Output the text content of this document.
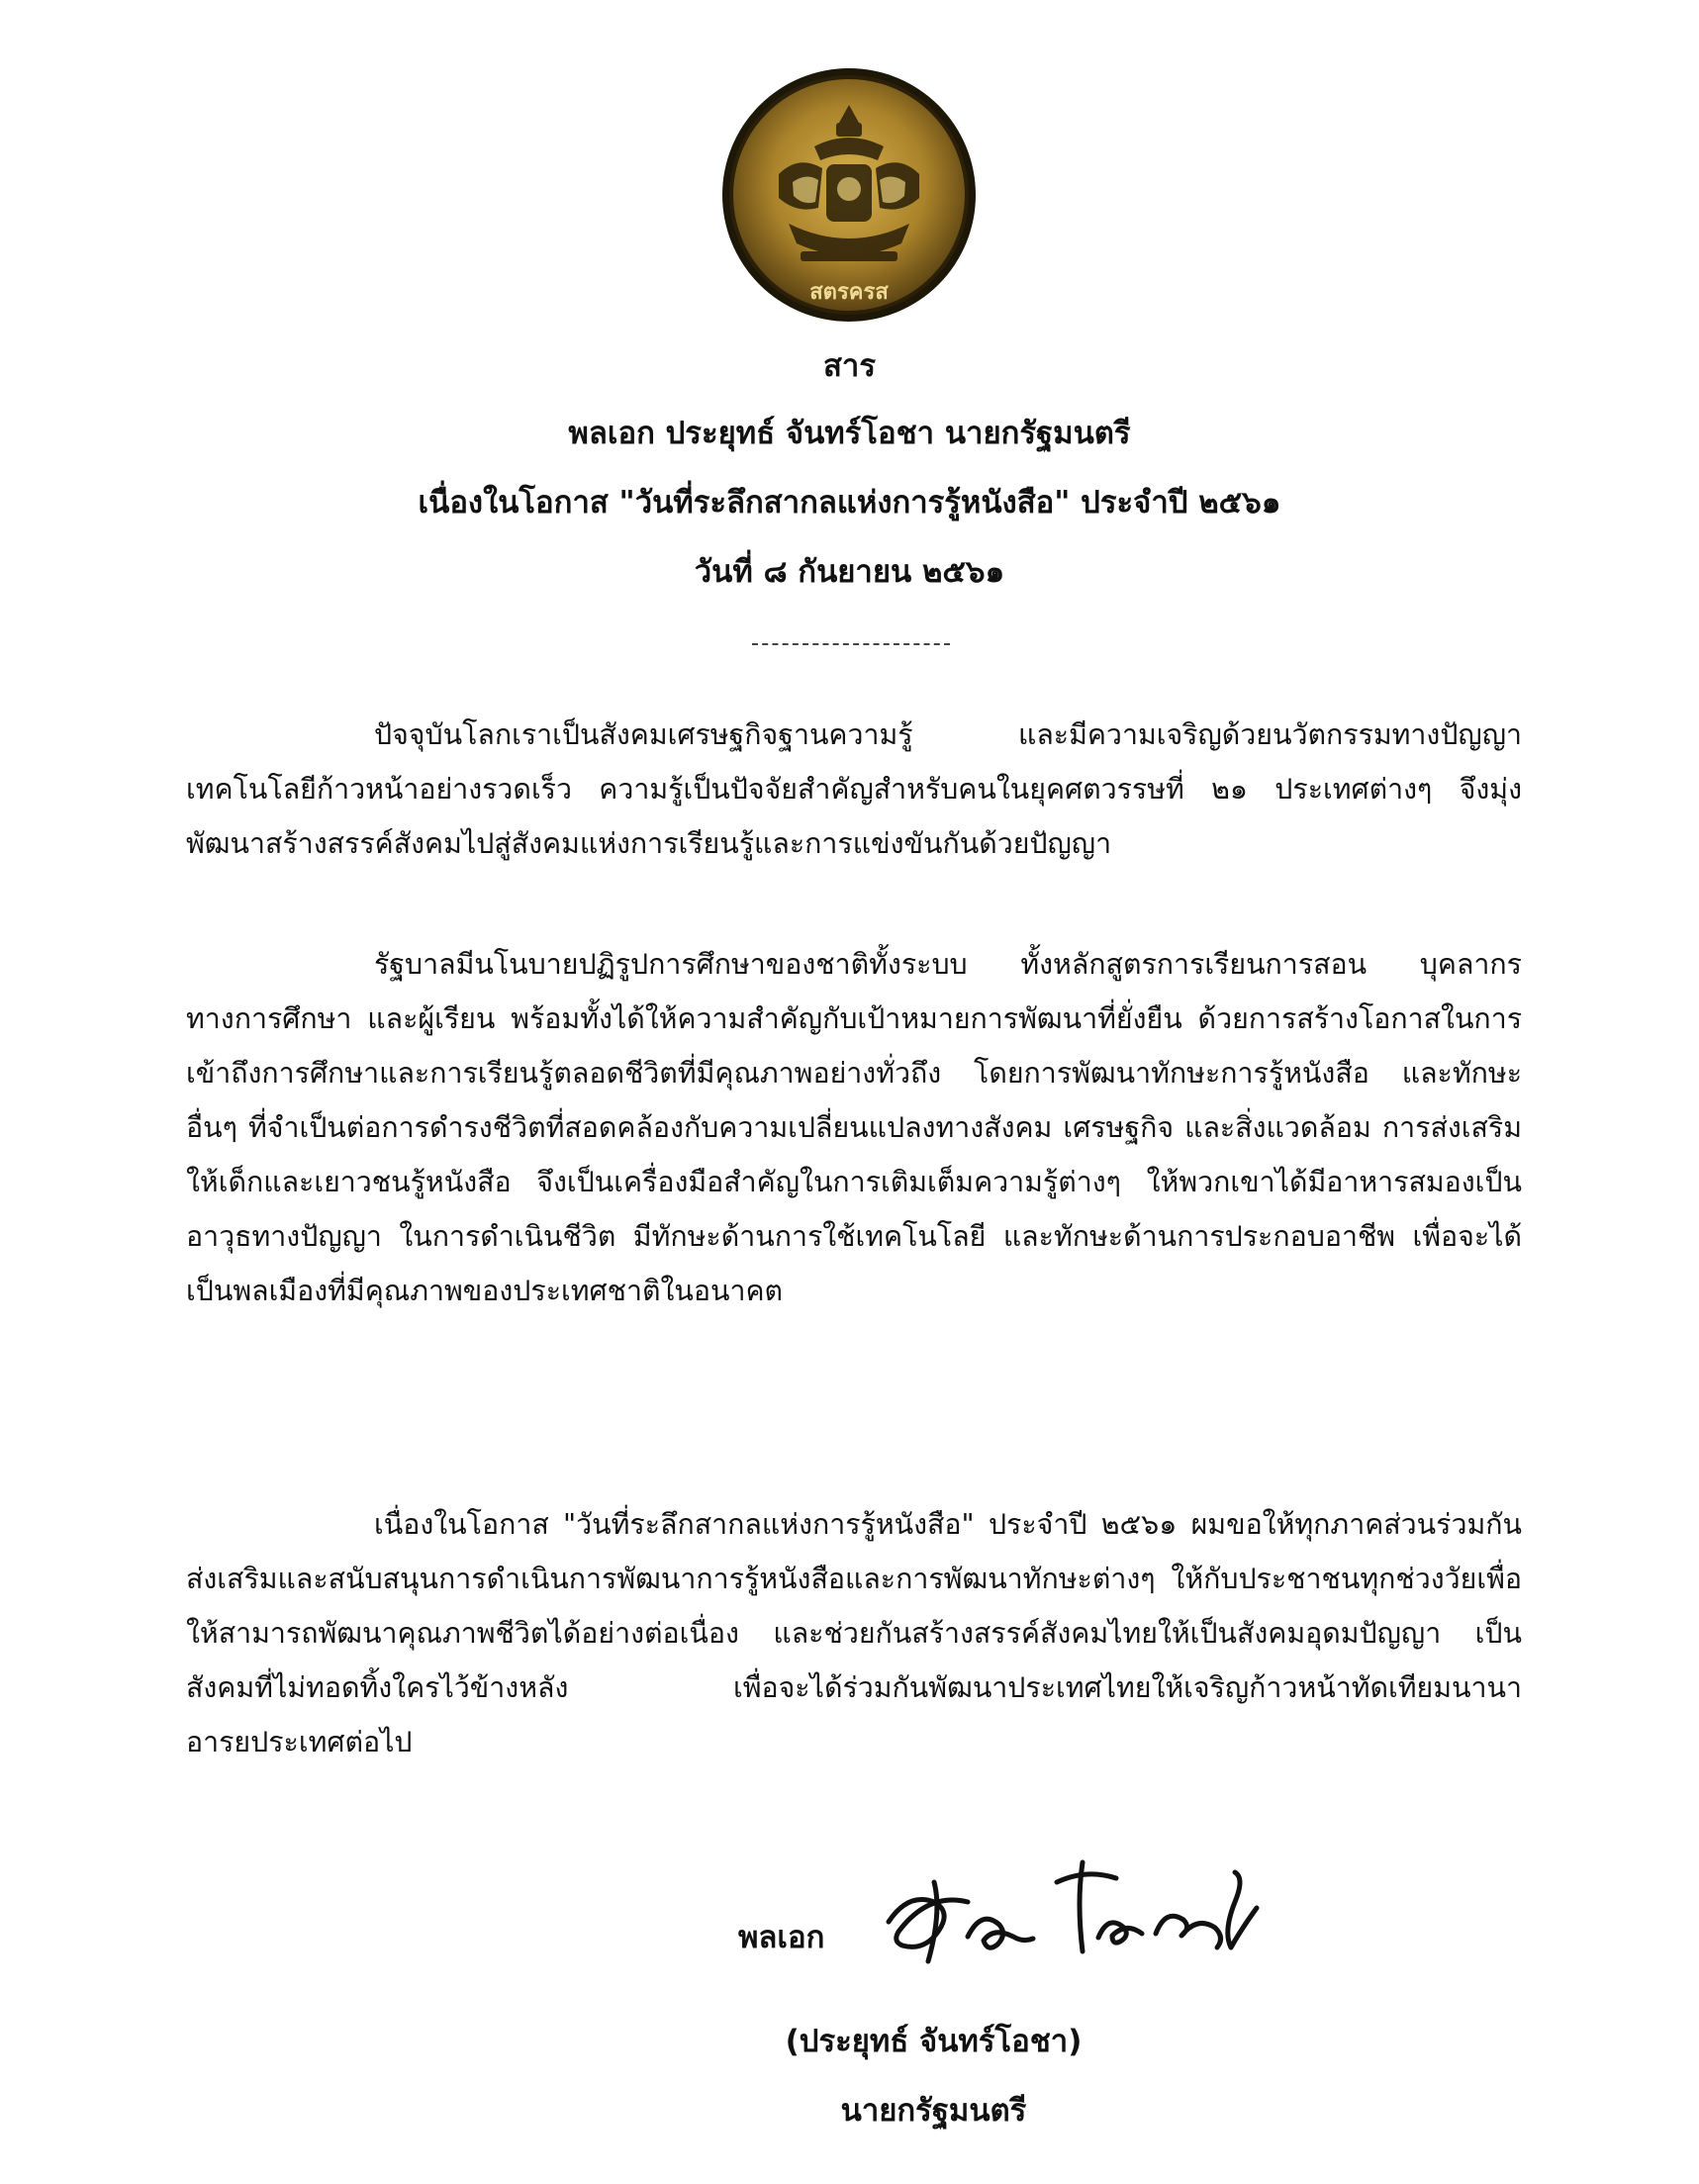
สตรครส
สาร
พลเอก ประยุทธ์ จันทร์โอชา นายกรัฐมนตรี
เนื่องในโอกาส "วันที่ระลึกสากลแห่งการรู้หนังสือ" ประจำปี ๒๕๖๑
วันที่ ๘ กันยายน ๒๕๖๑

ปัจจุบันโลกเราเป็นสังคมเศรษฐกิจฐานความรู้ และมีความเจริญด้วยนวัตกรรมทางปัญญา เทคโนโลยีก้าวหน้าอย่างรวดเร็ว ความรู้เป็นปัจจัยสำคัญสำหรับคนในยุคศตวรรษที่ ๒๑ ประเทศต่างๆ จึงมุ่งพัฒนาสร้างสรรค์สังคมไปสู่สังคมแห่งการเรียนรู้และการแข่งขันกันด้วยปัญญา

รัฐบาลมีนโนบายปฏิรูปการศึกษาของชาติทั้งระบบ ทั้งหลักสูตรการเรียนการสอน บุคลากรทางการศึกษา และผู้เรียน พร้อมทั้งได้ให้ความสำคัญกับเป้าหมายการพัฒนาที่ยั่งยืน ด้วยการสร้างโอกาสในการเข้าถึงการศึกษาและการเรียนรู้ตลอดชีวิตที่มีคุณภาพอย่างทั่วถึง โดยการพัฒนาทักษะการรู้หนังสือ และทักษะอื่นๆ ที่จำเป็นต่อการดำรงชีวิตที่สอดคล้องกับความเปลี่ยนแปลงทางสังคม เศรษฐกิจ และสิ่งแวดล้อม การส่งเสริมให้เด็กและเยาวชนรู้หนังสือ จึงเป็นเครื่องมือสำคัญในการเติมเต็มความรู้ต่างๆ ให้พวกเขาได้มีอาหารสมองเป็นอาวุธทางปัญญา ในการดำเนินชีวิต มีทักษะด้านการใช้เทคโนโลยี และทักษะด้านการประกอบอาชีพ เพื่อจะได้เป็นพลเมืองที่มีคุณภาพของประเทศชาติในอนาคต

เนื่องในโอกาส "วันที่ระลึกสากลแห่งการรู้หนังสือ" ประจำปี ๒๕๖๑ ผมขอให้ทุกภาคส่วนร่วมกันส่งเสริมและสนับสนุนการดำเนินการพัฒนาการรู้หนังสือและการพัฒนาทักษะต่างๆ ให้กับประชาชนทุกช่วงวัยเพื่อให้สามารถพัฒนาคุณภาพชีวิตได้อย่างต่อเนื่อง และช่วยกันสร้างสรรค์สังคมไทยให้เป็นสังคมอุดมปัญญา เป็นสังคมที่ไม่ทอดทิ้งใครไว้ข้างหลัง เพื่อจะได้ร่วมกันพัฒนาประเทศไทยให้เจริญก้าวหน้าทัดเทียมนานาอารยประเทศต่อไป

พลเอก
(ประยุทธ์ จันทร์โอชา)
นายกรัฐมนตรี
